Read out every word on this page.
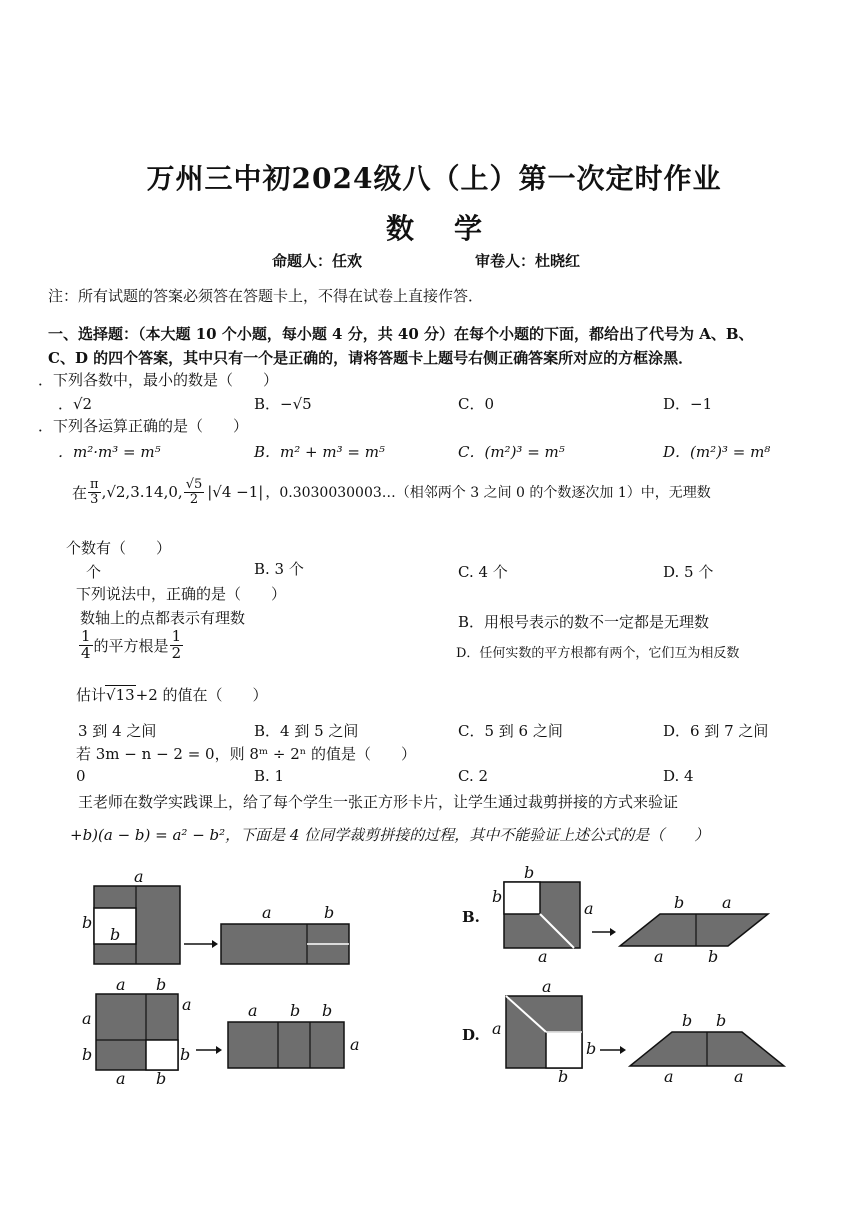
万州三中初2024级八（上）第一次定时作业
数学
命题人：任欢	审卷人：杜晓红
注：所有试题的答案必须答在答题卡上，不得在试卷上直接作答．
一、选择题：（本大题 10 个小题，每小题 4 分，共 40 分）在每个小题的下面，都给出了代号为 A、B、
C、D 的四个答案，其中只有一个是正确的，请将答题卡上题号右侧正确答案所对应的方框涂黑．
．下列各数中，最小的数是（　　）
．√2	B．−√5	C．0	D．−1
．下列各运算正确的是（　　）
．m²·m³ = m⁵	B．m² + m³ = m⁵	C．(m²)³ = m⁵	D．(m²)³ = m⁸
在 $\frac{\pi}{3} ,√2,3.14,0$, $\frac{√5}{2} |√4 -1|$ ，0.3030030003…（相邻两个 3 之间 0 的个数逐次加 1）中，无理数
个数有（　　）
个	B. 3 个	C. 4 个	D. 5 个
下列说法中，正确的是（　　）
数轴上的点都表示有理数	B．用根号表示的数不一定都是无理数
$\frac{1}{4}$ 的平方根是 $\frac{1}{2}$	D．任何实数的平方根都有两个，它们互为相反数
估计√13+2 的值在（　　）
3 到 4 之间	B．4 到 5 之间	C．5 到 6 之间	D．6 到 7 之间
若 3m − n − 2 = 0，则 8ᵐ ÷ 2ⁿ 的值是（　　）
0	B. 1	C. 2	D. 4
王老师在数学实践课上，给了每个学生一张正方形卡片，让学生通过裁剪拼接的方式来验证
+b)(a − b) = a² − b²，下面是 4 位同学裁剪拼接的过程，其中不能验证上述公式的是（　　）
a
b
b
a	b	B.
b
b
a
a
b a
a	b
a b
a
b
a
b
a b
a b b
a	D.
a
a
b
b
b b
a	a
